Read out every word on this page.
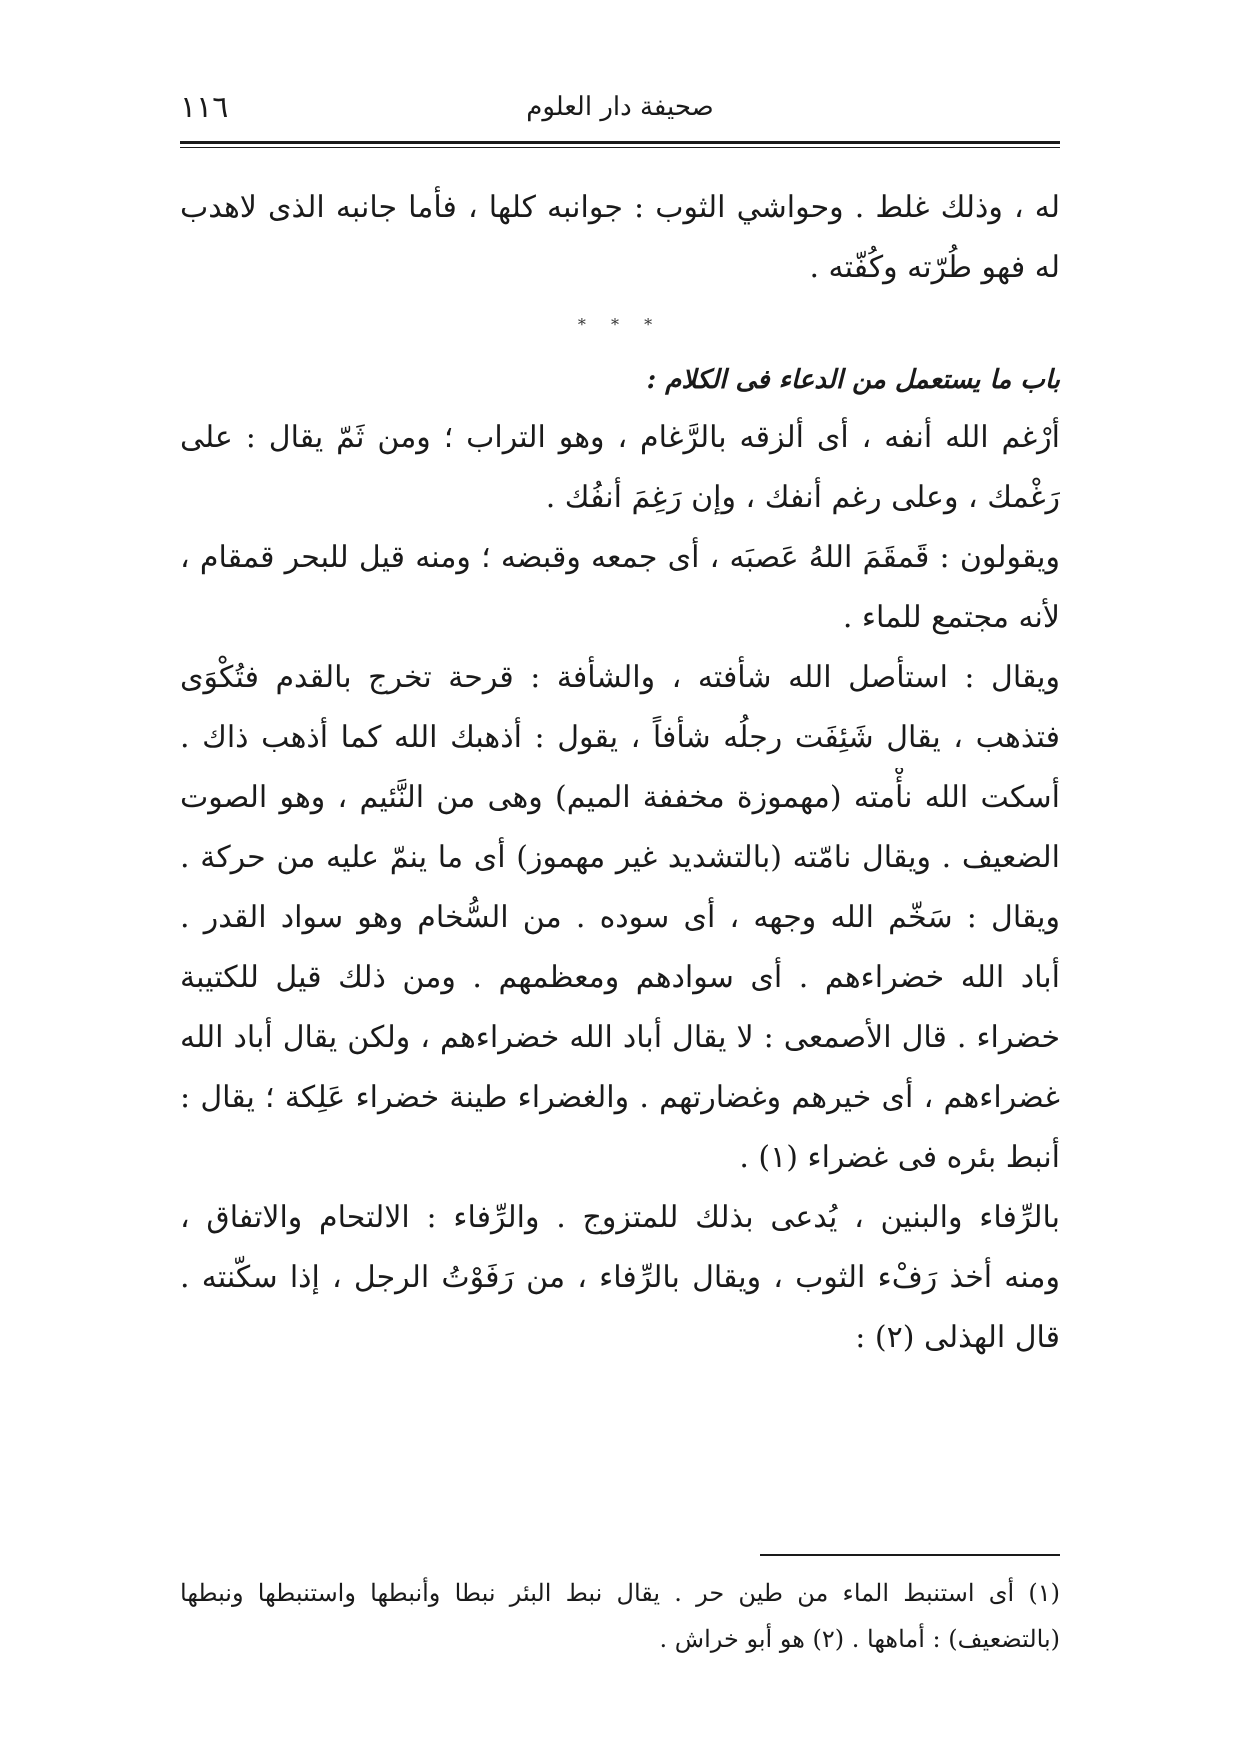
١١٦	صحيفة دار العلوم
له ، وذلك غلط . وحواشي الثوب : جوانبه كلها ، فأما جانبه الذى لاهدب
له فهو طُرّته وكُفّته .
* * *
باب ما يستعمل من الدعاء فى الكلام :
أرْغم الله أنفه ، أى ألزقه بالرَّغام ، وهو التراب ؛ ومن ثَمّ يقال : على
رَغْمك ، وعلى رغم أنفك ، وإن رَغِمَ أنفُك .
ويقولون : قَمقَمَ اللهُ عَصبَه ، أى جمعه وقبضه ؛ ومنه قيل للبحر قمقام ،
لأنه مجتمع للماء .
ويقال : استأصل الله شأفته ، والشأفة : قرحة تخرج بالقدم فتُكْوَى
فتذهب ، يقال شَئِفَت رجلُه شأفاً ، يقول : أذهبك الله كما أذهب ذاك .
أسكت الله نأْمته (مهموزة مخففة الميم) وهى من النَّئيم ، وهو الصوت
الضعيف . ويقال نامّته (بالتشديد غير مهموز) أى ما ينمّ عليه من حركة .
ويقال : سَخّم الله وجهه ، أى سوده . من السُّخام وهو سواد القدر .
أباد الله خضراءهم . أى سوادهم ومعظمهم . ومن ذلك قيل للكتيبة
خضراء . قال الأصمعى : لا يقال أباد الله خضراءهم ، ولكن يقال أباد الله
غضراءهم ، أى خيرهم وغضارتهم . والغضراء طينة خضراء عَلِكة ؛ يقال :
أنبط بئره فى غضراء (١) .
بالرِّفاء والبنين ، يُدعى بذلك للمتزوج . والرِّفاء : الالتحام والاتفاق ،
ومنه أخذ رَفْء الثوب ، ويقال بالرِّفاء ، من رَفَوْتُ الرجل ، إذا سكّنته .
قال الهذلى (٢) :
(١) أى استنبط الماء من طين حر . يقال نبط البئر نبطا وأنبطها واستنبطها ونبطها
(بالتضعيف) : أماهها . (٢) هو أبو خراش .
